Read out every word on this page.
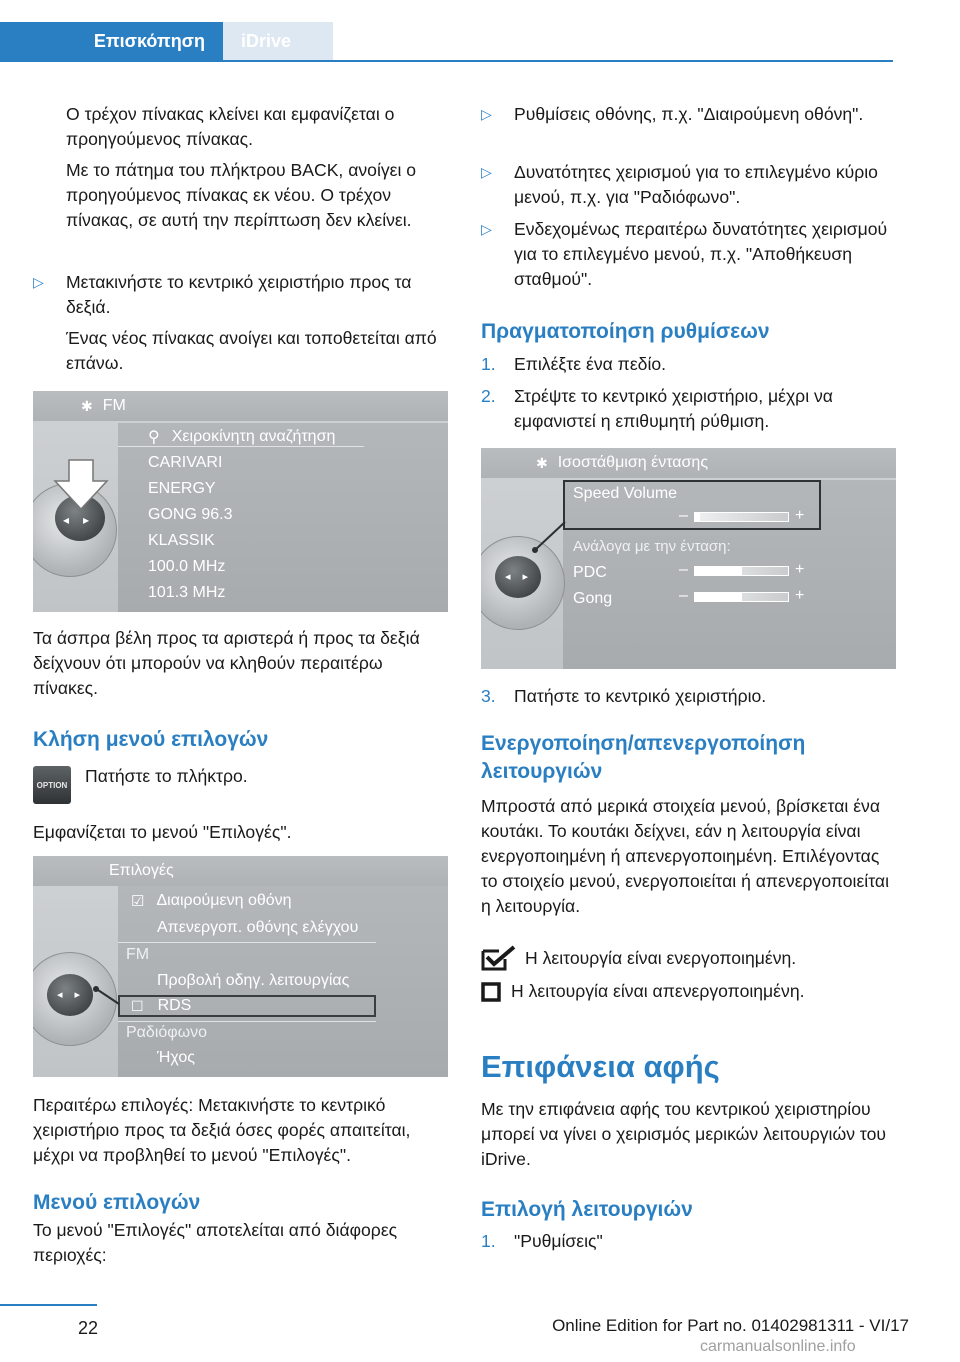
Επισκόπηση iDrive

Ο τρέχον πίνακας κλείνει και εμφανίζεται ο προηγούμενος πίνακας.

Με το πάτημα του πλήκτρου BACK, ανοίγει ο προηγούμενος πίνακας εκ νέου. Ο τρέχον πίνακας, σε αυτή την περίπτωση δεν κλείνει.

▷	Μετακινήστε το κεντρικό χειριστήριο προς τα δεξιά.

Ένας νέος πίνακας ανοίγει και τοποθετείται από επάνω.

✱ FM
⚲ Χειροκίνητη αναζήτηση
CARIVARI
ENERGY
GONG 96.3
KLASSIK
100.0 MHz
101.3 MHz
◂▸

Τα άσπρα βέλη προς τα αριστερά ή προς τα δεξιά δείχνουν ότι μπορούν να κληθούν περαιτέρω πίνακες.

Κλήση μενού επιλογών

OPTION Πατήστε το πλήκτρο.

Εμφανίζεται το μενού "Επιλογές".

Επιλογές
☑ Διαιρούμενη οθόνη
Απενεργοπ. οθόνης ελέγχου
FM
Προβολή οδηγ. λειτουργίας
☐ RDS
Ραδιόφωνο
Ήχος
◂▸

Περαιτέρω επιλογές: Μετακινήστε το κεντρικό χειριστήριο προς τα δεξιά όσες φορές απαιτείται, μέχρι να προβληθεί το μενού "Επιλογές".

Μενού επιλογών

Το μενού "Επιλογές" αποτελείται από διάφορες περιοχές:

▷	Ρυθμίσεις οθόνης, π.χ. "Διαιρούμενη οθόνη".
▷	Δυνατότητες χειρισμού για το επιλεγμένο κύριο μενού, π.χ. για "Ραδιόφωνο".
▷	Ενδεχομένως περαιτέρω δυνατότητες χειρισμού για το επιλεγμένο μενού, π.χ. "Αποθήκευση σταθμού".

Πραγματοποίηση ρυθμίσεων

1.	Επιλέξτε ένα πεδίο.
2.	Στρέψτε το κεντρικό χειριστήριο, μέχρι να εμφανιστεί η επιθυμητή ρύθμιση.
✱ Ισοστάθμιση έντασης
Speed Volume
–	+
Ανάλογα με την ένταση:
PDC	–	+
Gong	–	+
◂▸
3.	Πατήστε το κεντρικό χειριστήριο.

Ενεργοποίηση/απενεργοποίηση λειτουργιών

Μπροστά από μερικά στοιχεία μενού, βρίσκεται ένα κουτάκι. Το κουτάκι δείχνει, εάν η λειτουργία είναι ενεργοποιημένη ή απενεργοποιημένη. Επιλέγοντας το στοιχείο μενού, ενεργοποιείται ή απενεργοποιείται η λειτουργία.

Η λειτουργία είναι ενεργοποιημένη.
Η λειτουργία είναι απενεργοποιημένη.

Επιφάνεια αφής

Με την επιφάνεια αφής του κεντρικού χειριστηρίου μπορεί να γίνει ο χειρισμός μερικών λειτουργιών του iDrive.

Επιλογή λειτουργιών

1.	"Ρυθμίσεις"
22	Online Edition for Part no. 01402981311 - VI/17
carmanualsonline.info
